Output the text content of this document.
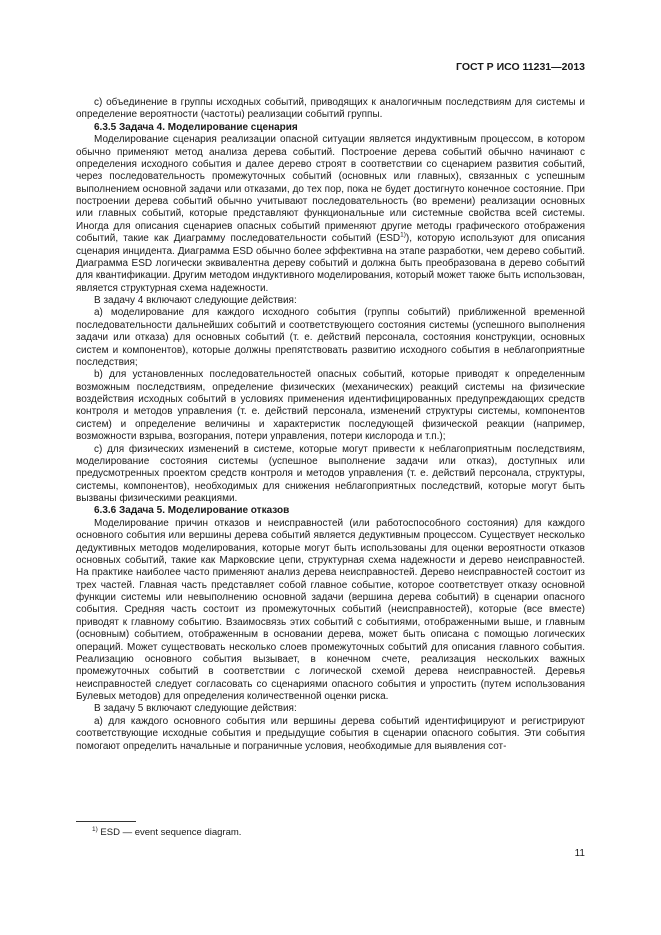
ГОСТ Р ИСО 11231—2013

c) объединение в группы исходных событий, приводящих к аналогичным последствиям для системы и определение вероятности (частоты) реализации событий группы.

6.3.5 Задача 4. Моделирование сценария

Моделирование сценария реализации опасной ситуации является индуктивным процессом, в котором обычно применяют метод анализа дерева событий. Построение дерева событий обычно начинают с определения исходного события и далее дерево строят в соответствии со сценарием развития событий, через последовательность промежуточных событий (основных или главных), связанных с успешным выполнением основной задачи или отказами, до тех пор, пока не будет достигнуто конечное состояние. При построении дерева событий обычно учитывают последовательность (во времени) реализации основных или главных событий, которые представляют функциональные или системные свойства всей системы. Иногда для описания сценариев опасных событий применяют другие методы графического отображения событий, такие как Диаграмму последовательности событий (ESD$^{1)}$), которую используют для описания сценария инцидента. Диаграмма ESD обычно более эффективна на этапе разработки, чем дерево событий. Диаграмма ESD логически эквивалентна дереву событий и должна быть преобразована в дерево событий для квантификации. Другим методом индуктивного моделирования, который может также быть использован, является структурная схема надежности.

В задачу 4 включают следующие действия:

a) моделирование для каждого исходного события (группы событий) приближенной временной последовательности дальнейших событий и соответствующего состояния системы (успешного выполнения задачи или отказа) для основных событий (т. е. действий персонала, состояния конструкции, основных систем и компонентов), которые должны препятствовать развитию исходного события в неблагоприятные последствия;

b) для установленных последовательностей опасных событий, которые приводят к определенным возможным последствиям, определение физических (механических) реакций системы на физические воздействия исходных событий в условиях применения идентифицированных предупреждающих средств контроля и методов управления (т. е. действий персонала, изменений структуры системы, компонентов систем) и определение величины и характеристик последующей физической реакции (например, возможности взрыва, возгорания, потери управления, потери кислорода и т.п.);

c) для физических изменений в системе, которые могут привести к неблагоприятным последствиям, моделирование состояния системы (успешное выполнение задачи или отказ), доступных или предусмотренных проектом средств контроля и методов управления (т. е. действий персонала, структуры, системы, компонентов), необходимых для снижения неблагоприятных последствий, которые могут быть вызваны физическими реакциями.

6.3.6 Задача 5. Моделирование отказов

Моделирование причин отказов и неисправностей (или работоспособного состояния) для каждого основного события или вершины дерева событий является дедуктивным процессом. Существует несколько дедуктивных методов моделирования, которые могут быть использованы для оценки вероятности отказов основных событий, такие как Марковские цепи, структурная схема надежности и дерево неисправностей. На практике наиболее часто применяют анализ дерева неисправностей. Дерево неисправностей состоит из трех частей. Главная часть представляет собой главное событие, которое соответствует отказу основной функции системы или невыполнению основной задачи (вершина дерева событий) в сценарии опасного события. Средняя часть состоит из промежуточных событий (неисправностей), которые (все вместе) приводят к главному событию. Взаимосвязь этих событий с событиями, отображенными выше, и главным (основным) событием, отображенным в основании дерева, может быть описана с помощью логических операций. Может существовать несколько слоев промежуточных событий для описания главного события. Реализацию основного события вызывает, в конечном счете, реализация нескольких важных промежуточных событий в соответствии с логической схемой дерева неисправностей. Деревья неисправностей следует согласовать со сценариями опасного события и упростить (путем использования Булевых методов) для определения количественной оценки риска.

В задачу 5 включают следующие действия:

a) для каждого основного события или вершины дерева событий идентифицируют и регистрируют соответствующие исходные события и предыдущие события в сценарии опасного события. Эти события помогают определить начальные и пограничные условия, необходимые для выявления сот-

$^{1)}$ ESD — event sequence diagram.
11
